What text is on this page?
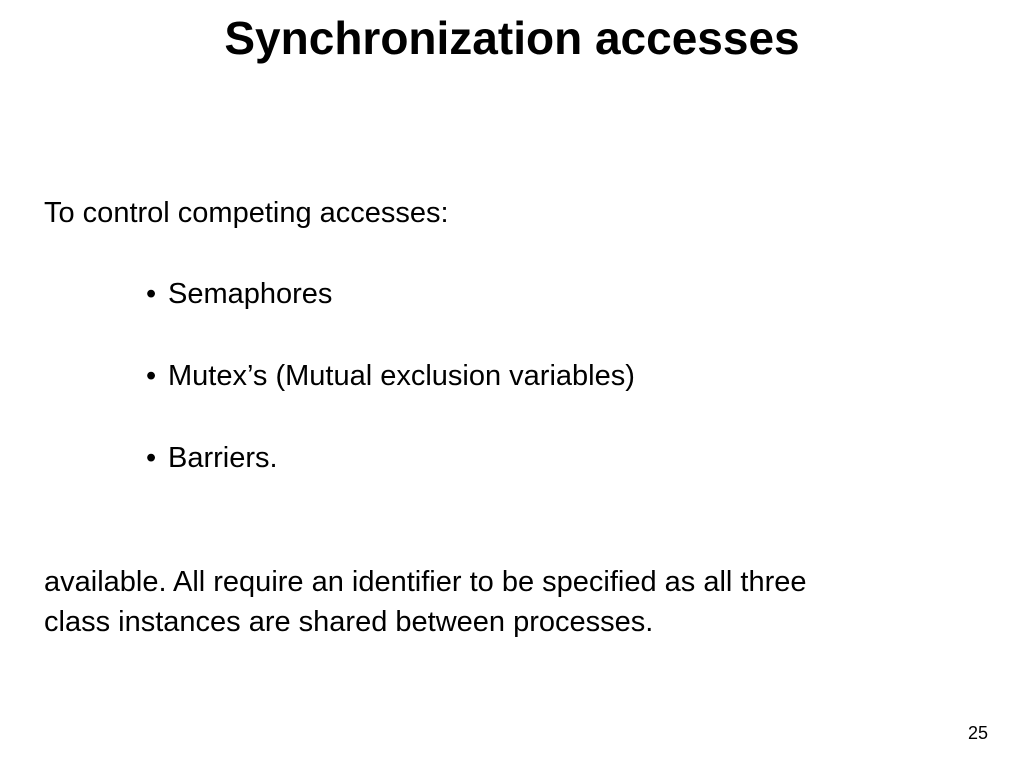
Synchronization accesses

To control competing accesses:

• Semaphores
• Mutex’s (Mutual exclusion variables)
• Barriers.

available. All require an identifier to be specified as all three
class instances are shared between processes.

25
